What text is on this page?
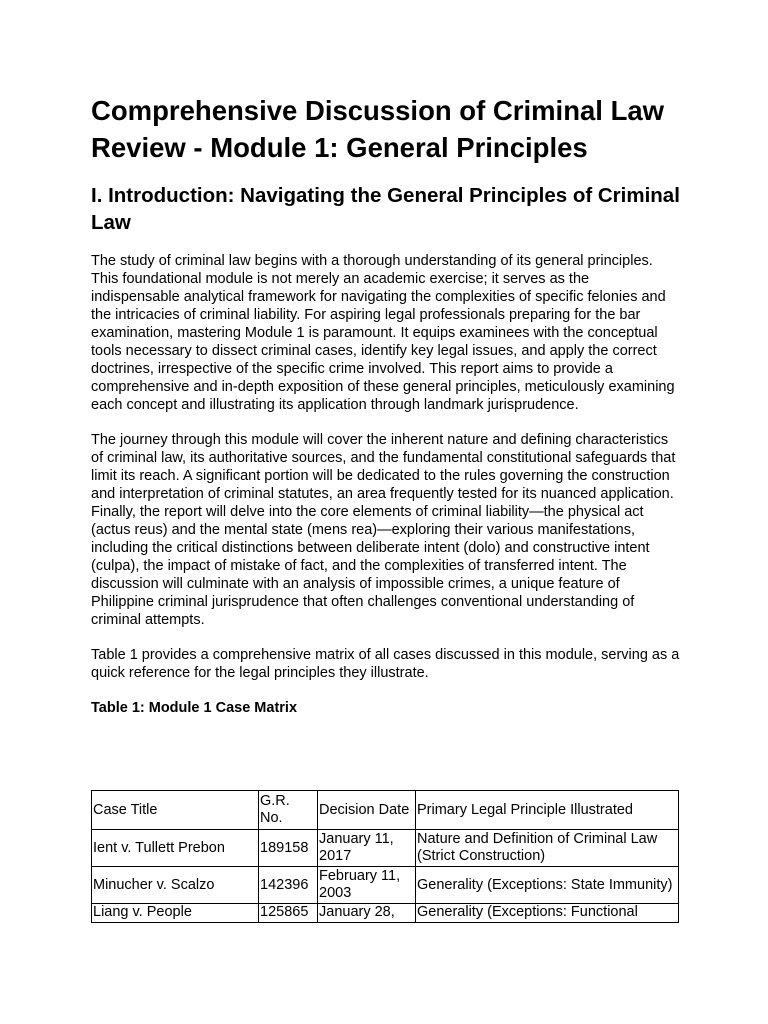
Comprehensive Discussion of Criminal Law Review - Module 1: General Principles
I. Introduction: Navigating the General Principles of Criminal Law

The study of criminal law begins with a thorough understanding of its general principles. This foundational module is not merely an academic exercise; it serves as the indispensable analytical framework for navigating the complexities of specific felonies and the intricacies of criminal liability. For aspiring legal professionals preparing for the bar examination, mastering Module 1 is paramount. It equips examinees with the conceptual tools necessary to dissect criminal cases, identify key legal issues, and apply the correct doctrines, irrespective of the specific crime involved. This report aims to provide a comprehensive and in-depth exposition of these general principles, meticulously examining each concept and illustrating its application through landmark jurisprudence.

The journey through this module will cover the inherent nature and defining characteristics of criminal law, its authoritative sources, and the fundamental constitutional safeguards that limit its reach. A significant portion will be dedicated to the rules governing the construction and interpretation of criminal statutes, an area frequently tested for its nuanced application. Finally, the report will delve into the core elements of criminal liability—the physical act (actus reus) and the mental state (mens rea)—exploring their various manifestations, including the critical distinctions between deliberate intent (dolo) and constructive intent (culpa), the impact of mistake of fact, and the complexities of transferred intent. The discussion will culminate with an analysis of impossible crimes, a unique feature of Philippine criminal jurisprudence that often challenges conventional understanding of criminal attempts.

Table 1 provides a comprehensive matrix of all cases discussed in this module, serving as a quick reference for the legal principles they illustrate.

Table 1: Module 1 Case Matrix
Case Title	G.R. No.	Decision Date	Primary Legal Principle Illustrated
Ient v. Tullett Prebon	189158	January 11, 2017	Nature and Definition of Criminal Law (Strict Construction)
Minucher v. Scalzo	142396	February 11, 2003	Generality (Exceptions: State Immunity)
Liang v. People	125865	January 28,	Generality (Exceptions: Functional
